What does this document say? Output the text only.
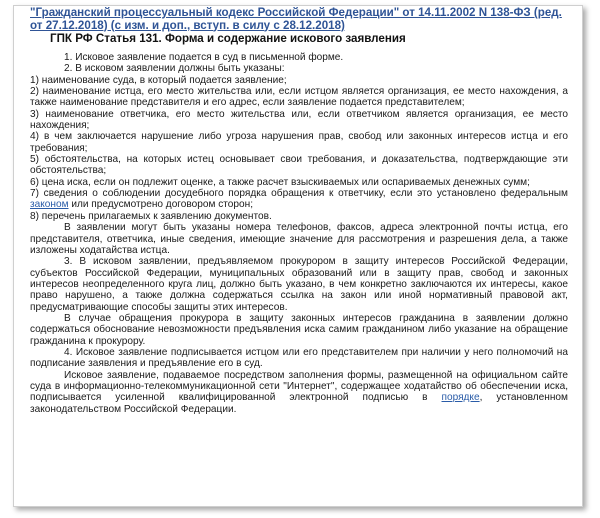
"Гражданский процессуальный кодекс Российской Федерации" от 14.11.2002 N 138-ФЗ (ред. от 27.12.2018) (с изм. и доп., вступ. в силу с 28.12.2018)
ГПК РФ Статья 131. Форма и содержание искового заявления

1. Исковое заявление подается в суд в письменной форме.

2. В исковом заявлении должны быть указаны:

1) наименование суда, в который подается заявление;

2) наименование истца, его место жительства или, если истцом является организация, ее место нахождения, а также наименование представителя и его адрес, если заявление подается представителем;

3) наименование ответчика, его место жительства или, если ответчиком является организация, ее место нахождения;

4) в чем заключается нарушение либо угроза нарушения прав, свобод или законных интересов истца и его требования;

5) обстоятельства, на которых истец основывает свои требования, и доказательства, подтверждающие эти обстоятельства;

6) цена иска, если он подлежит оценке, а также расчет взыскиваемых или оспариваемых денежных сумм;

7) сведения о соблюдении досудебного порядка обращения к ответчику, если это установлено федеральным законом или предусмотрено договором сторон;

8) перечень прилагаемых к заявлению документов.

В заявлении могут быть указаны номера телефонов, факсов, адреса электронной почты истца, его представителя, ответчика, иные сведения, имеющие значение для рассмотрения и разрешения дела, а также изложены ходатайства истца.

3. В исковом заявлении, предъявляемом прокурором в защиту интересов Российской Федерации, субъектов Российской Федерации, муниципальных образований или в защиту прав, свобод и законных интересов неопределенного круга лиц, должно быть указано, в чем конкретно заключаются их интересы, какое право нарушено, а также должна содержаться ссылка на закон или иной нормативный правовой акт, предусматривающие способы защиты этих интересов.

В случае обращения прокурора в защиту законных интересов гражданина в заявлении должно содержаться обоснование невозможности предъявления иска самим гражданином либо указание на обращение гражданина к прокурору.

4. Исковое заявление подписывается истцом или его представителем при наличии у него полномочий на подписание заявления и предъявление его в суд.

Исковое заявление, подаваемое посредством заполнения формы, размещенной на официальном сайте суда в информационно-телекоммуникационной сети "Интернет", содержащее ходатайство об обеспечении иска, подписывается усиленной квалифицированной электронной подписью в порядке, установленном законодательством Российской Федерации.
